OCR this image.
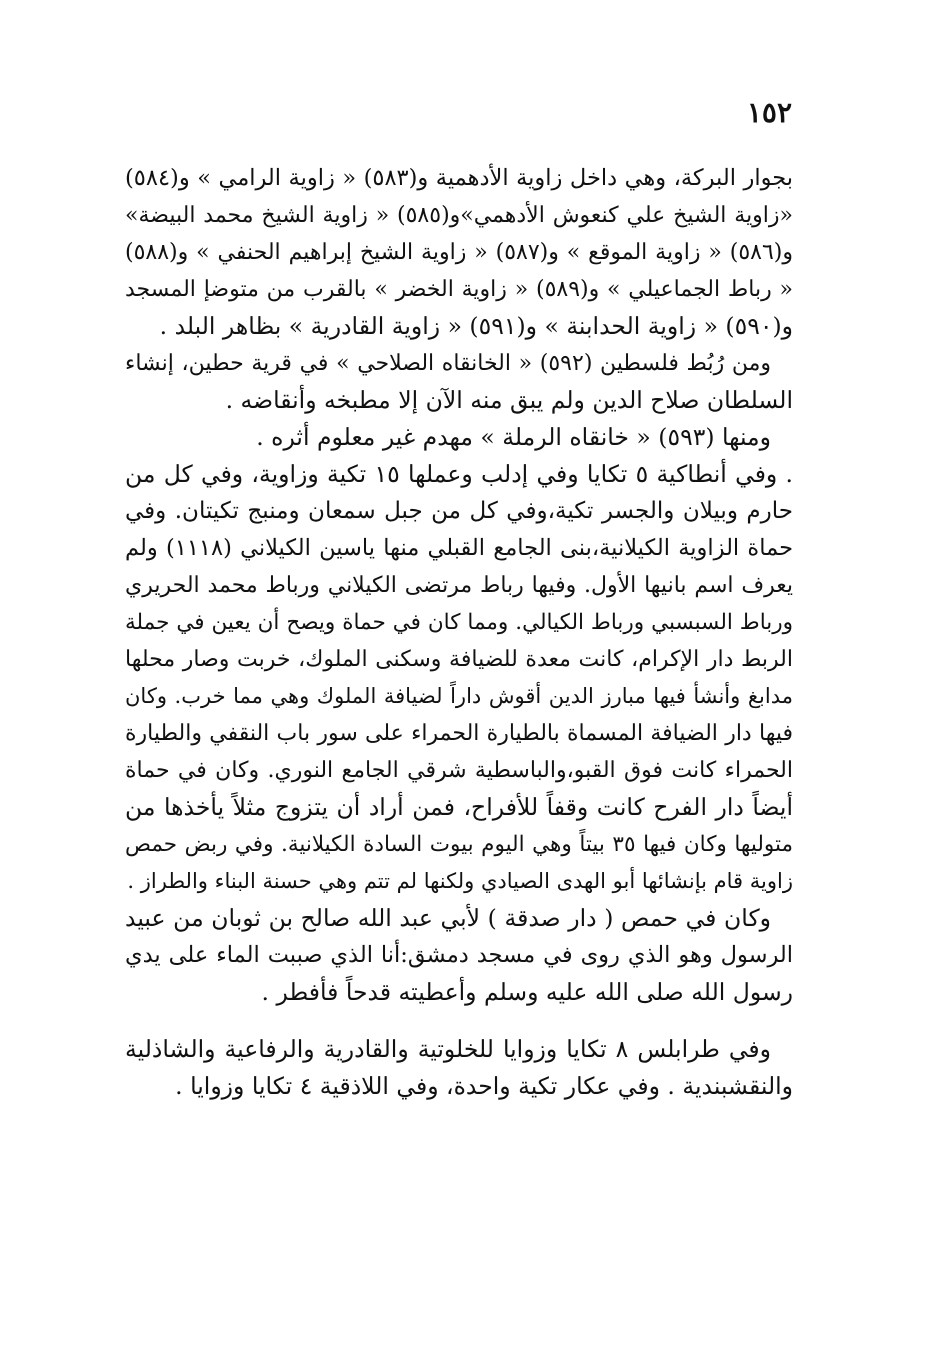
١٥٢
بجوار البركة، وهي داخل زاوية الأدهمية و(٥٨٣) « زاوية الرامي » و(٥٨٤)
«زاوية الشيخ علي كنعوش الأدهمي»و(٥٨٥) « زاوية الشيخ محمد البيضة»
و(٥٨٦) « زاوية الموقع » و(٥٨٧) « زاوية الشيخ إبراهيم الحنفي » و(٥٨٨)
« رباط الجماعيلي » و(٥٨٩) « زاوية الخضر » بالقرب من متوضإ المسجد
و(٥٩٠) « زاوية الحدابنة » و(٥٩١) « زاوية القادرية » بظاهر البلد .
ومن رُبُط فلسطين (٥٩٢) « الخانقاه الصلاحي » في قرية حطين، إنشاء
السلطان صلاح الدين ولم يبق منه الآن إلا مطبخه وأنقاضه .
ومنها (٥٩٣) « خانقاه الرملة » مهدم غير معلوم أثره .
. وفي أنطاكية ٥ تكايا وفي إدلب وعملها ١٥ تكية وزاوية، وفي كل من
حارم وبيلان والجسر تكية،وفي كل من جبل سمعان ومنبج تكيتان. وفي
حماة الزاوية الكيلانية،بنى الجامع القبلي منها ياسين الكيلاني (١١١٨) ولم
يعرف اسم بانيها الأول. وفيها رباط مرتضى الكيلاني ورباط محمد الحريري
ورباط السبسبي ورباط الكيالي. ومما كان في حماة ويصح أن يعين في جملة
الربط دار الإكرام، كانت معدة للضيافة وسكنى الملوك، خربت وصار محلها
مدابغ وأنشأ فيها مبارز الدين أقوش داراً لضيافة الملوك وهي مما خرب. وكان
فيها دار الضيافة المسماة بالطيارة الحمراء على سور باب النقفي والطيارة
الحمراء كانت فوق القبو،والباسطية شرقي الجامع النوري. وكان في حماة
أيضاً دار الفرح كانت وقفاً للأفراح، فمن أراد أن يتزوج مثلاً يأخذها من
متوليها وكان فيها ٣٥ بيتاً وهي اليوم بيوت السادة الكيلانية. وفي ربض حمص
زاوية قام بإنشائها أبو الهدى الصيادي ولكنها لم تتم وهي حسنة البناء والطراز .
وكان في حمص ( دار صدقة ) لأبي عبد الله صالح بن ثوبان من عبيد
الرسول وهو الذي روى في مسجد دمشق:أنا الذي صببت الماء على يدي
رسول الله صلى الله عليه وسلم وأعطيته قدحاً فأفطر .
وفي طرابلس ٨ تكايا وزوايا للخلوتية والقادرية والرفاعية والشاذلية
والنقشبندية . وفي عكار تكية واحدة، وفي اللاذقية ٤ تكايا وزوايا .
